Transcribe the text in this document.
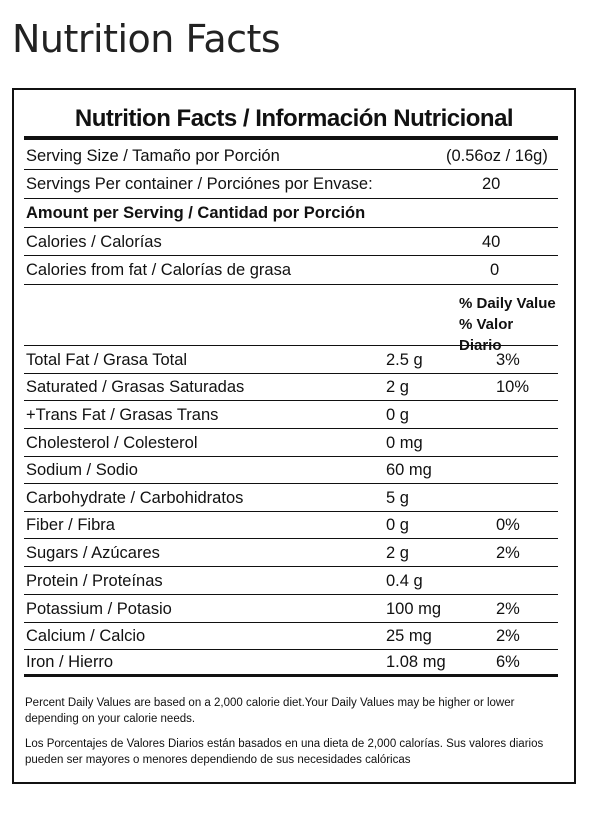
Nutrition Facts
Nutrition Facts / Información Nutricional
Serving Size / Tamaño por Porción	(0.56oz / 16g)
Servings Per container / Porciónes por Envase:	20
Amount per Serving / Cantidad por Porción
Calories / Calorías	40
Calories from fat / Calorías de grasa	0
% Daily Value
% Valor Diario
Total Fat / Grasa Total	2.5 g	3%
Saturated / Grasas Saturadas	2 g	10%
+Trans Fat / Grasas Trans	0 g
Cholesterol / Colesterol	0 mg
Sodium / Sodio	60 mg
Carbohydrate / Carbohidratos	5 g
Fiber / Fibra	0 g	0%
Sugars / Azúcares	2 g	2%
Protein / Proteínas	0.4 g
Potassium / Potasio	100 mg	2%
Calcium / Calcio	25 mg	2%
Iron / Hierro	1.08 mg	6%

Percent Daily Values are based on a 2,000 calorie diet.Your Daily Values may be higher or lower depending on your calorie needs.

Los Porcentajes de Valores Diarios están basados en una dieta de 2,000 calorías. Sus valores diarios pueden ser mayores o menores dependiendo de sus necesidades calóricas
